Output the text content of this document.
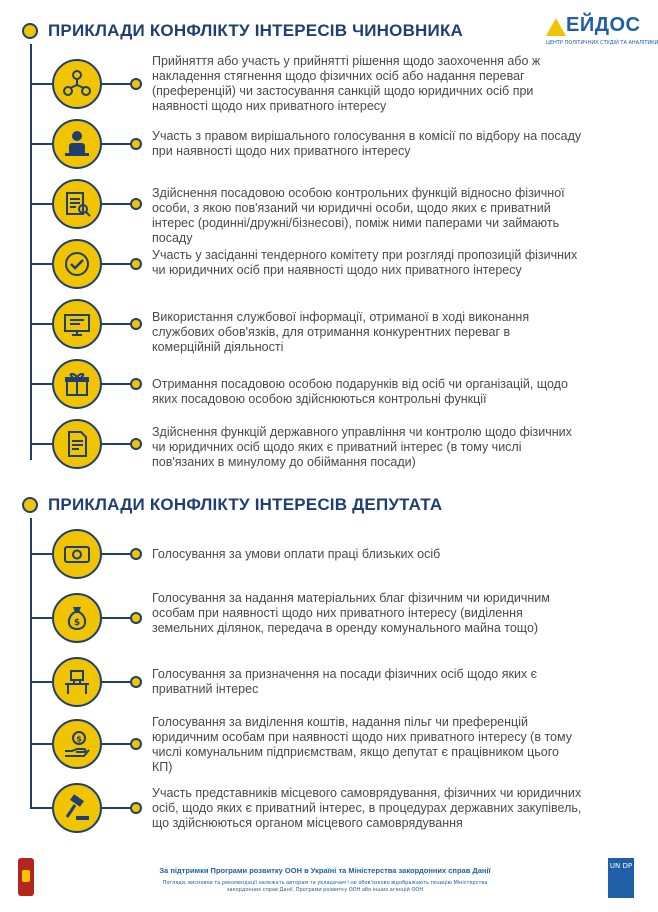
ЕЙДОС
ЦЕНТР ПОЛІТИЧНИХ СТУДІЙ ТА АНАЛІТИКИ
ПРИКЛАДИ КОНФЛІКТУ ІНТЕРЕСІВ ЧИНОВНИКА
Прийняття або участь у прийнятті рішення щодо заохочення або ж накладення стягнення щодо фізичних осіб або надання переваг (преференцій) чи застосування санкцій щодо юридичних осіб при наявності щодо них приватного інтересу
Участь з правом вирішального голосування в комісії по відбору на посаду при наявності щодо них приватного інтересу
Здійснення посадовою особою контрольних функцій відносно фізичної особи, з якою пов'язаний чи юридичні особи, щодо яких є приватний інтерес (родинні/дружні/бізнесові), поміж ними паперами чи займають посаду
Участь у засіданні тендерного комітету при розгляді пропозицій фізичних чи юридичних осіб при наявності щодо них приватного інтересу
Використання службової інформації, отриманої в ході виконання службових обов'язків, для отримання конкурентних переваг в комерційній діяльності
Отримання посадовою особою подарунків від осіб чи організацій, щодо яких посадовою особою здійснюються контрольні функції
Здійснення функцій державного управління чи контролю щодо фізичних чи юридичних осіб щодо яких є приватний інтерес (в тому числі пов'язаних в минулому до обіймання посади)
ПРИКЛАДИ КОНФЛІКТУ ІНТЕРЕСІВ ДЕПУТАТА
Голосування за умови оплати праці близьких осіб
$
Голосування за надання матеріальних благ фізичним чи юридичним особам при наявності щодо них приватного інтересу (виділення земельних ділянок, передача в оренду комунального майна тощо)
Голосування за призначення на посади фізичних осіб щодо яких є приватний інтерес
$
Голосування за виділення коштів, надання пільг чи преференцій юридичним особам при наявності щодо них приватного інтересу (в тому числі комунальним підприємствам, якщо депутат є працівником цього КП)
Участь представників місцевого самоврядування, фізичних чи юридичних осіб, щодо яких є приватний інтерес, в процедурах державних закупівель, що здійснюються органом місцевого самоврядування
За підтримки Програми розвитку ООН в Україні та Міністерства закордонних справ Данії
Погляди, висновки та рекомендації належать авторам та укладачам і не обов'язково відображають позицію Міністерства закордонних справ Данії, Програми розвитку ООН або інших агенцій ООН
UN DP
